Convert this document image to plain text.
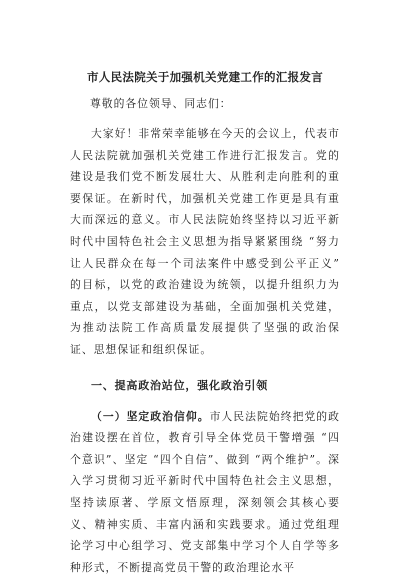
市人民法院关于加强机关党建工作的汇报发言

尊敬的各位领导、同志们：

大家好！非常荣幸能够在今天的会议上，代表市人民法院就加强机关党建工作进行汇报发言。党的建设是我们党不断发展壮大、从胜利走向胜利的重要保证。在新时代，加强机关党建工作更是具有重大而深远的意义。市人民法院始终坚持以习近平新时代中国特色社会主义思想为指导紧紧围绕 “努力让人民群众在每一个司法案件中感受到公平正义” 的目标，以党的政治建设为统领，以提升组织力为重点，以党支部建设为基础，全面加强机关党建，为推动法院工作高质量发展提供了坚强的政治保证、思想保证和组织保证。

一、提高政治站位，强化政治引领

（一）坚定政治信仰。市人民法院始终把党的政治建设摆在首位，教育引导全体党员干警增强 “四个意识”、坚定 “四个自信”、做到 “两个维护”。深入学习贯彻习近平新时代中国特色社会主义思想，坚持读原著、学原文悟原理，深刻领会其核心要义、精神实质、丰富内涵和实践要求。通过党组理论学习中心组学习、党支部集中学习个人自学等多种形式，不断提高党员干警的政治理论水平
